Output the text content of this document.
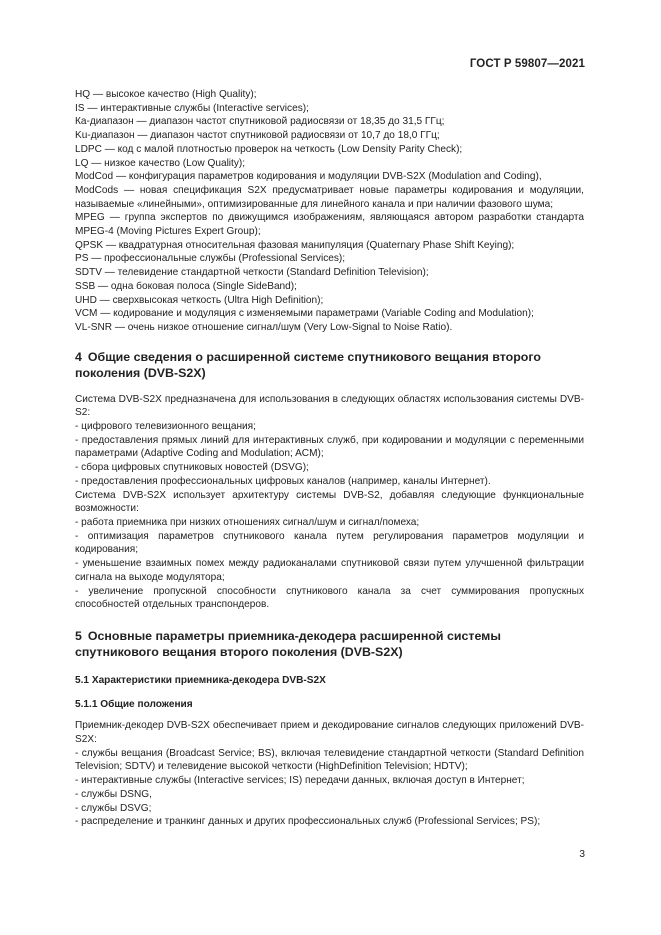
ГОСТ Р 59807—2021

HQ — высокое качество (High Quality);

IS — интерактивные службы (Interactive services);

Ка-диапазон — диапазон частот спутниковой радиосвязи от 18,35 до 31,5 ГГц;

Ku-диапазон — диапазон частот спутниковой радиосвязи от 10,7 до 18,0 ГГц;

LDPC — код с малой плотностью проверок на четкость (Low Density Parity Check);

LQ — низкое качество (Low Quality);

ModCod — конфигурация параметров кодирования и модуляции DVB-S2X (Modulation and Coding),

ModCods — новая спецификация S2X предусматривает новые параметры кодирования и модуляции, называемые «линейными», оптимизированные для линейного канала и при наличии фазового шума;

MPEG — группа экспертов по движущимся изображениям, являющаяся автором разработки стандарта MPEG-4 (Moving Pictures Expert Group);

QPSK — квадратурная относительная фазовая манипуляция (Quaternary Phase Shift Keying);

PS — профессиональные службы (Professional Services);

SDTV — телевидение стандартной четкости (Standard Definition Television);

SSB — одна боковая полоса (Single SideBand);

UHD — сверхвысокая четкость (Ultra High Definition);

VCM — кодирование и модуляция с изменяемыми параметрами (Variable Coding and Modulation);

VL-SNR — очень низкое отношение сигнал/шум (Very Low-Signal to Noise Ratio).

4 Общие сведения о расширенной системе спутникового вещания второго поколения (DVB-S2X)

Система DVB-S2X предназначена для использования в следующих областях использования системы DVB-S2:

- цифрового телевизионного вещания;

- предоставления прямых линий для интерактивных служб, при кодировании и модуляции с переменными параметрами (Adaptive Coding and Modulation; ACM);

- сбора цифровых спутниковых новостей (DSVG);

- предоставления профессиональных цифровых каналов (например, каналы Интернет).

Система DVB-S2X использует архитектуру системы DVB-S2, добавляя следующие функциональные возможности:

- работа приемника при низких отношениях сигнал/шум и сигнал/помеха;

- оптимизация параметров спутникового канала путем регулирования параметров модуляции и кодирования;

- уменьшение взаимных помех между радиоканалами спутниковой связи путем улучшенной фильтрации сигнала на выходе модулятора;

- увеличение пропускной способности спутникового канала за счет суммирования пропускных способностей отдельных транспондеров.

5 Основные параметры приемника-декодера расширенной системы спутникового вещания второго поколения (DVB-S2X)
5.1 Характеристики приемника-декодера DVB-S2X
5.1.1 Общие положения

Приемник-декодер DVB-S2X обеспечивает прием и декодирование сигналов следующих приложений DVB-S2X:

- службы вещания (Broadcast Service; BS), включая телевидение стандартной четкости (Standard Definition Television; SDTV) и телевидение высокой четкости (HighDefinition Television; HDTV);

- интерактивные службы (Interactive services; IS) передачи данных, включая доступ в Интернет;

- службы DSNG,

- службы DSVG;

- распределение и транкинг данных и других профессиональных служб (Professional Services; PS);

3
